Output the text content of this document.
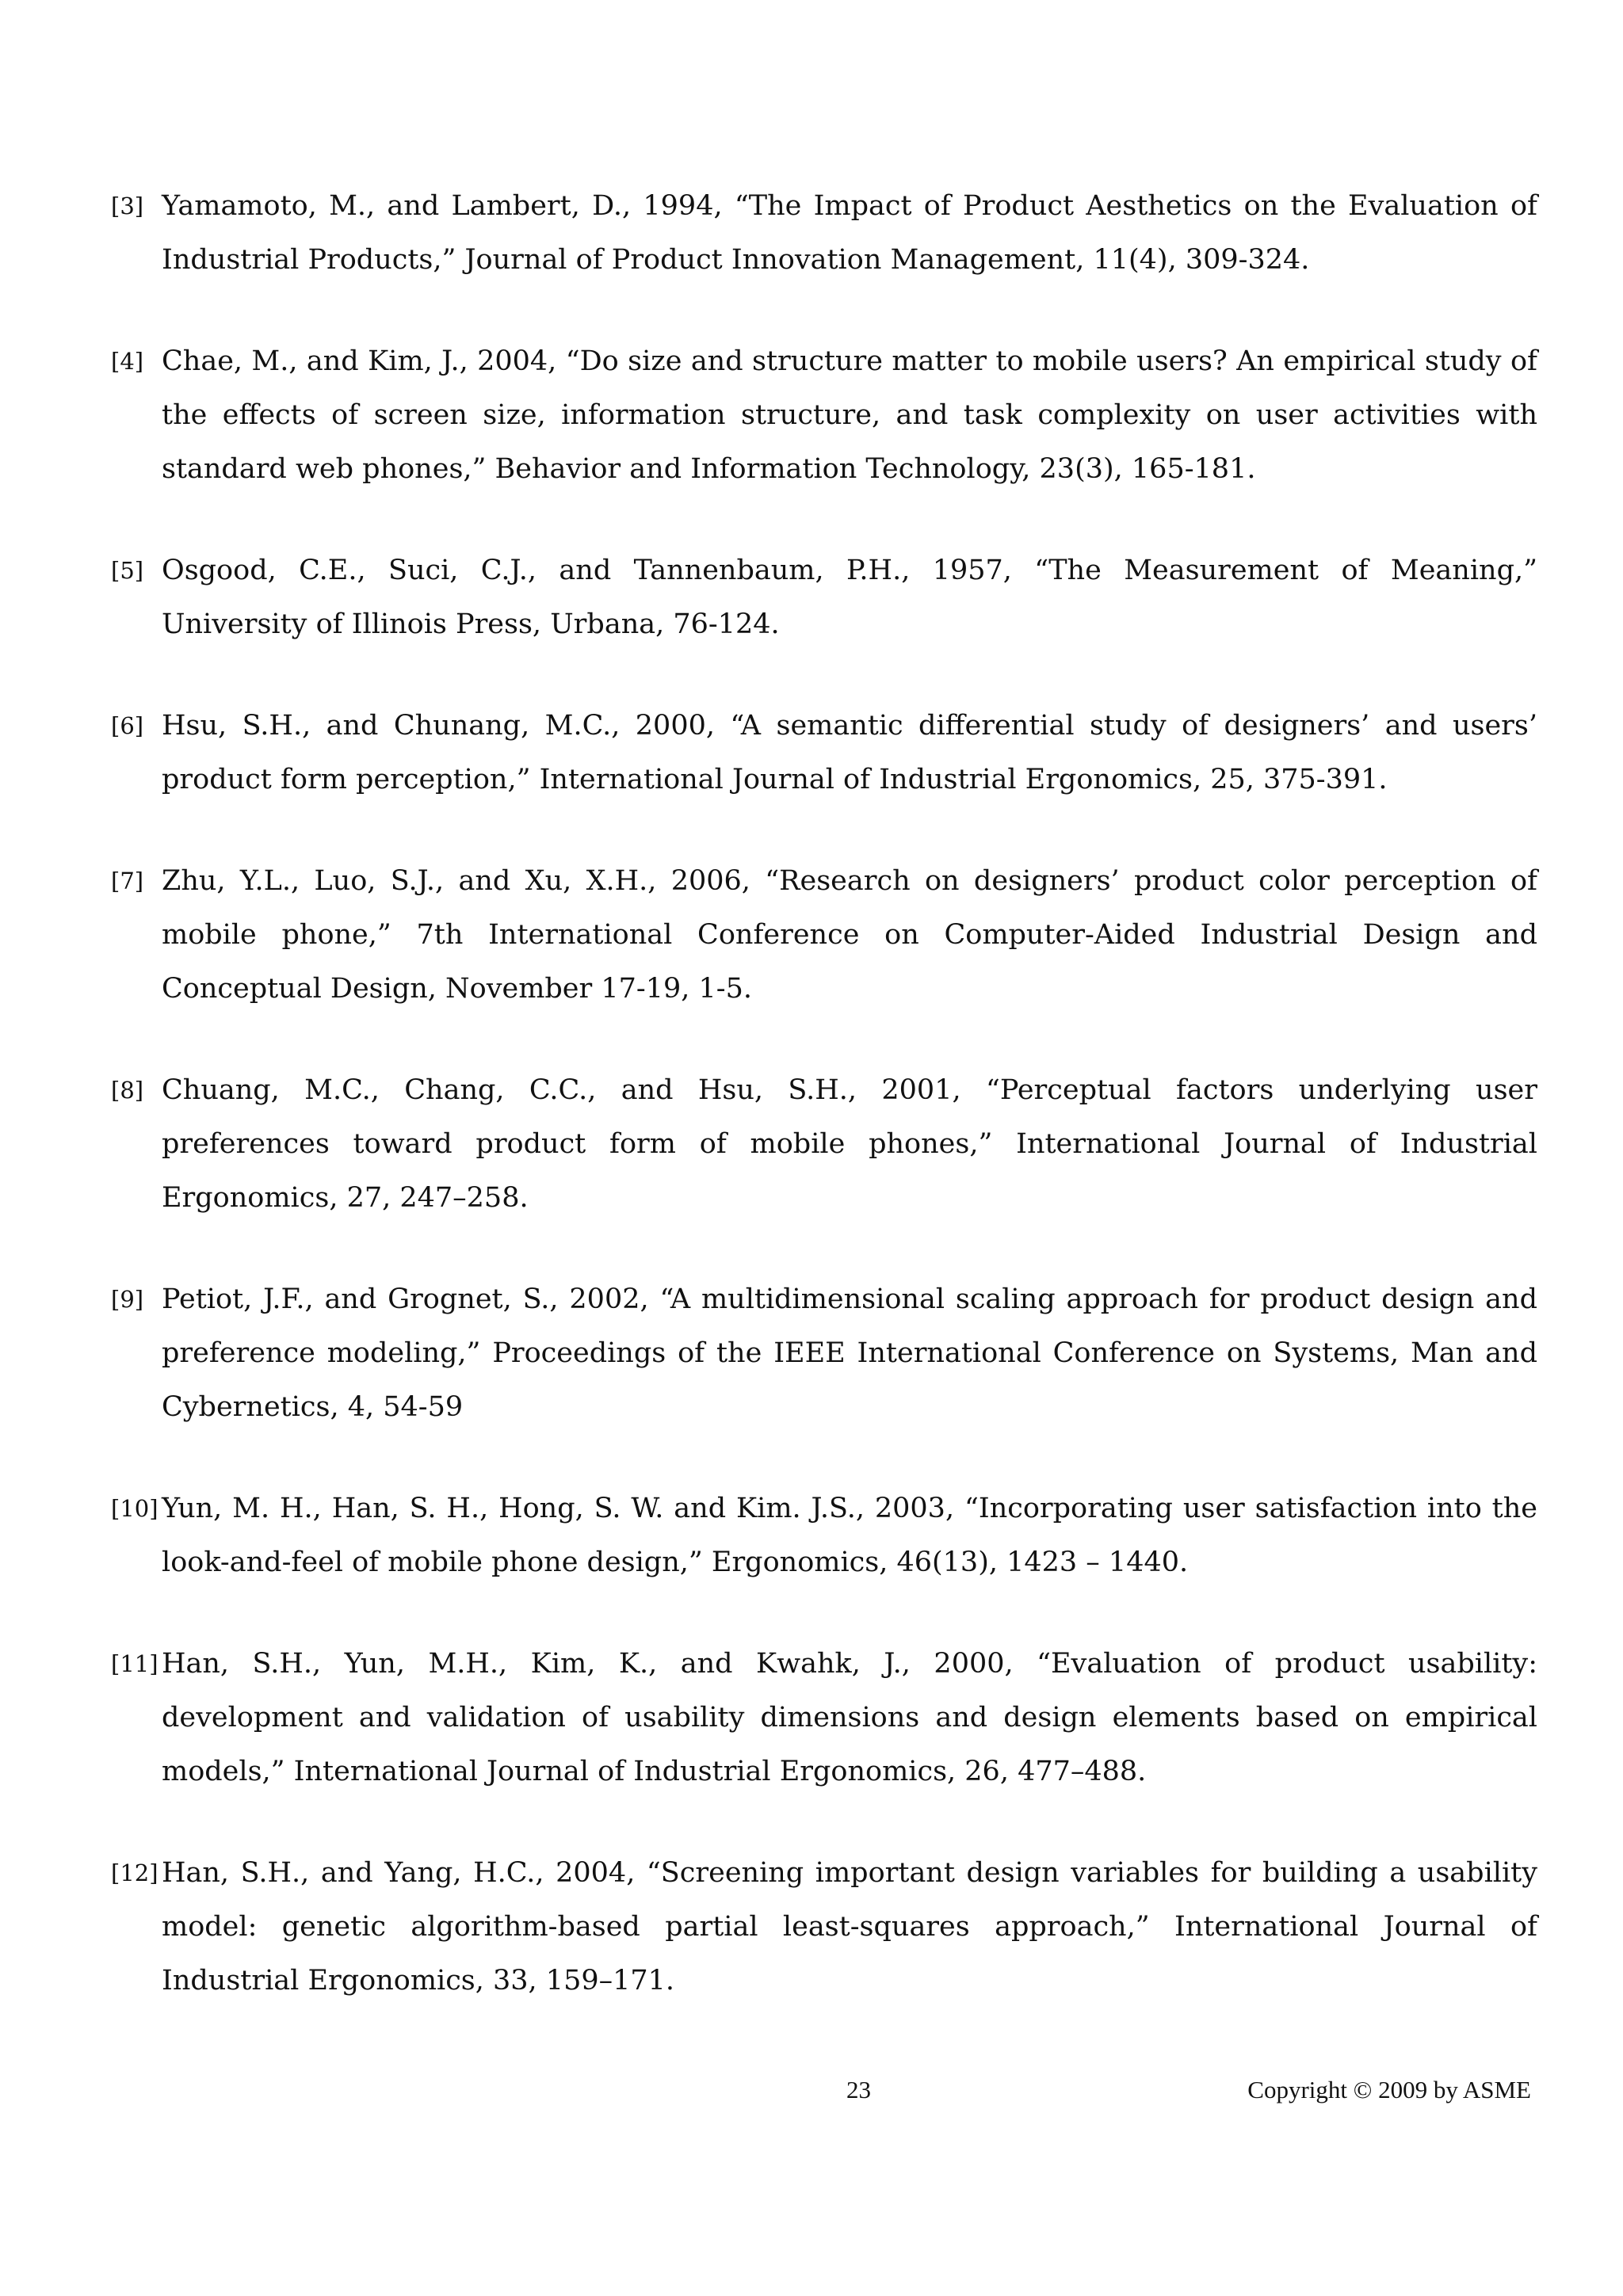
[3] Yamamoto, M., and Lambert, D., 1994, “The Impact of Product Aesthetics on the Evaluation of Industrial Products,” Journal of Product Innovation Management, 11(4), 309-324.
[4] Chae, M., and Kim, J., 2004, “Do size and structure matter to mobile users? An empirical study of the effects of screen size, information structure, and task complexity on user activities with standard web phones,” Behavior and Information Technology, 23(3), 165-181.
[5] Osgood, C.E., Suci, C.J., and Tannenbaum, P.H., 1957, “The Measurement of Meaning,” University of Illinois Press, Urbana, 76-124.
[6] Hsu, S.H., and Chunang, M.C., 2000, “A semantic differential study of designers’ and users’ product form perception,” International Journal of Industrial Ergonomics, 25, 375-391.
[7] Zhu, Y.L., Luo, S.J., and Xu, X.H., 2006, “Research on designers’ product color perception of mobile phone,” 7th International Conference on Computer-Aided Industrial Design and Conceptual Design, November 17-19, 1-5.
[8] Chuang, M.C., Chang, C.C., and Hsu, S.H., 2001, “Perceptual factors underlying user preferences toward product form of mobile phones,” International Journal of Industrial Ergonomics, 27, 247–258.
[9] Petiot, J.F., and Grognet, S., 2002, “A multidimensional scaling approach for product design and preference modeling,” Proceedings of the IEEE International Conference on Systems, Man and Cybernetics, 4, 54-59
[10] Yun, M. H., Han, S. H., Hong, S. W. and Kim. J.S., 2003, “Incorporating user satisfaction into the look-and-feel of mobile phone design,” Ergonomics, 46(13), 1423 – 1440.
[11] Han, S.H., Yun, M.H., Kim, K., and Kwahk, J., 2000, “Evaluation of product usability: development and validation of usability dimensions and design elements based on empirical models,” International Journal of Industrial Ergonomics, 26, 477–488.
[12] Han, S.H., and Yang, H.C., 2004, “Screening important design variables for building a usability model: genetic algorithm-based partial least-squares approach,” International Journal of Industrial Ergonomics, 33, 159–171.
23	Copyright © 2009 by ASME
